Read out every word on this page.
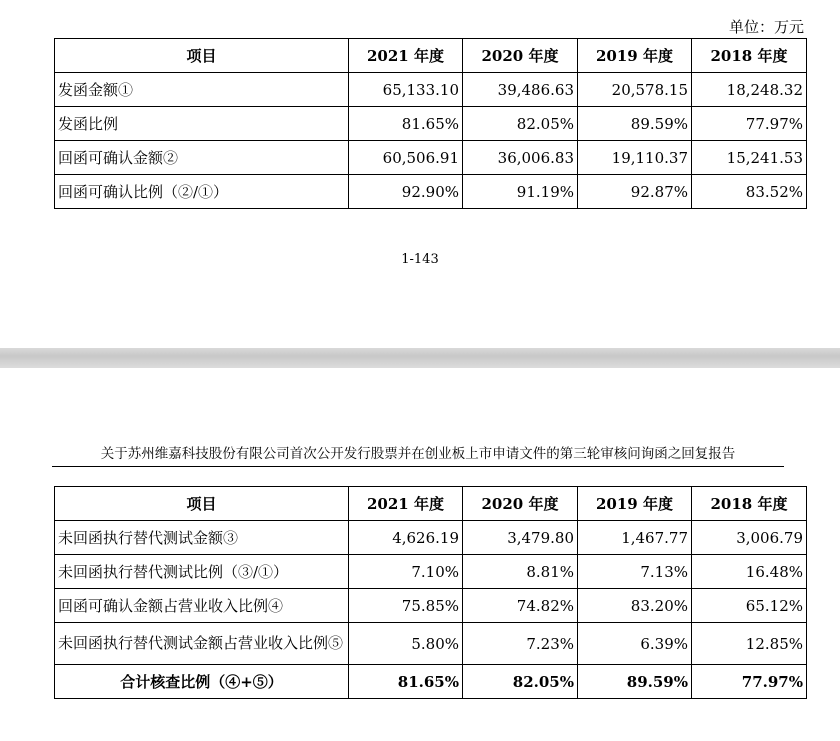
单位：万元
项目	2021 年度	2020 年度	2019 年度	2018 年度
发函金额①	65,133.10	39,486.63	20,578.15	18,248.32
发函比例	81.65%	82.05%	89.59%	77.97%
回函可确认金额②	60,506.91	36,006.83	19,110.37	15,241.53
回函可确认比例（②/①）	92.90%	91.19%	92.87%	83.52%
1-143
关于苏州维嘉科技股份有限公司首次公开发行股票并在创业板上市申请文件的第三轮审核问询函之回复报告
项目	2021 年度	2020 年度	2019 年度	2018 年度
未回函执行替代测试金额③	4,626.19	3,479.80	1,467.77	3,006.79
未回函执行替代测试比例（③/①）	7.10%	8.81%	7.13%	16.48%
回函可确认金额占营业收入比例④	75.85%	74.82%	83.20%	65.12%
未回函执行替代测试金额占营业收入比例⑤	5.80%	7.23%	6.39%	12.85%
合计核查比例（④+⑤）	81.65%	82.05%	89.59%	77.97%
